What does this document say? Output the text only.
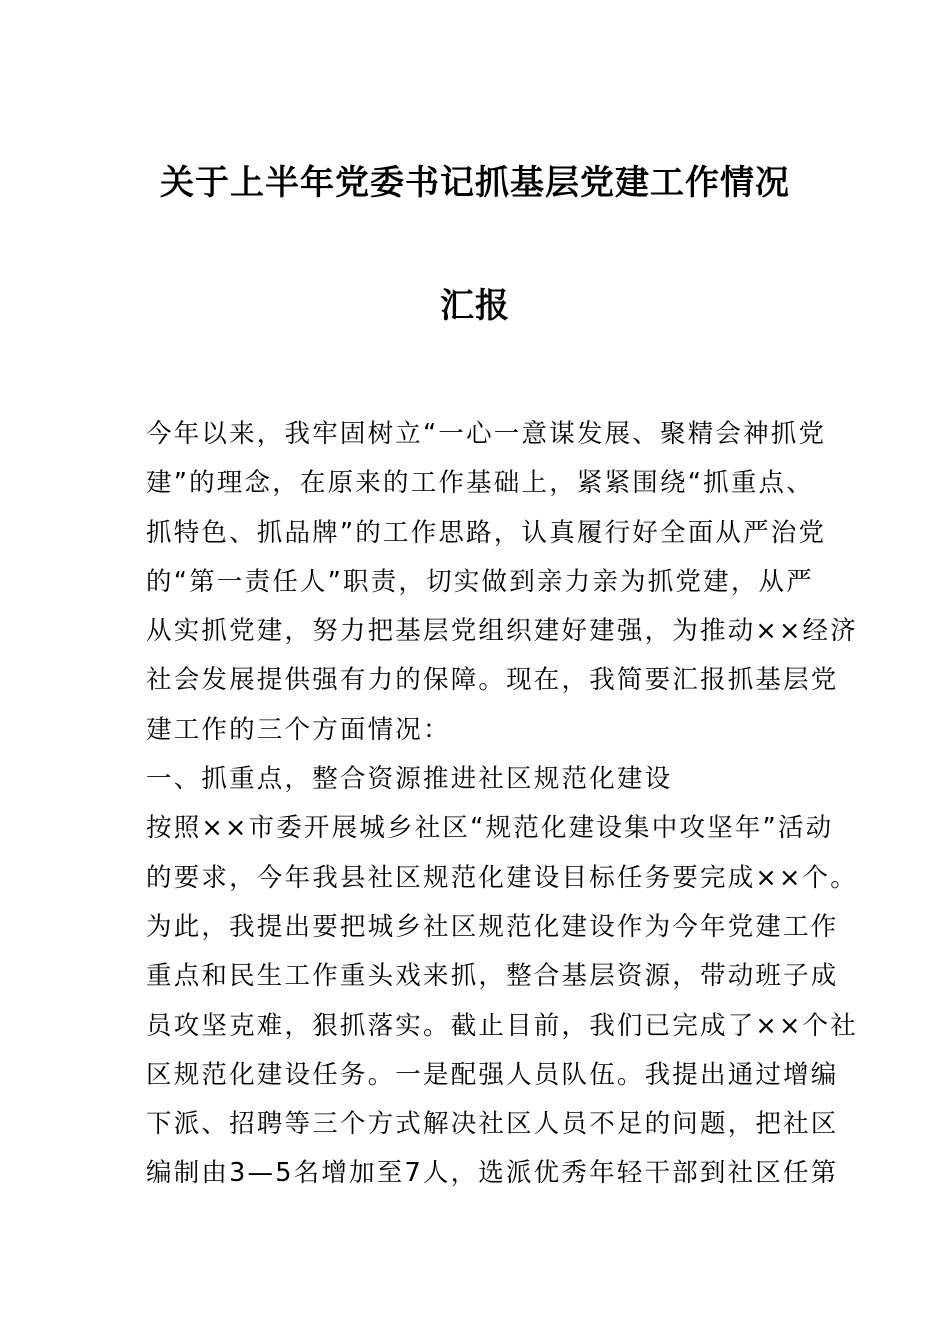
关于上半年党委书记抓基层党建工作情况
汇报
今年以来，我牢固树立“一心一意谋发展、聚精会神抓党
建”的理念，在原来的工作基础上，紧紧围绕“抓重点、
抓特色、抓品牌”的工作思路，认真履行好全面从严治党
的“第一责任人”职责，切实做到亲力亲为抓党建，从严
从实抓党建，努力把基层党组织建好建强，为推动××经济
社会发展提供强有力的保障。现在，我简要汇报抓基层党
建工作的三个方面情况：
一、抓重点，整合资源推进社区规范化建设
按照××市委开展城乡社区“规范化建设集中攻坚年”活动
的要求，今年我县社区规范化建设目标任务要完成××个。
为此，我提出要把城乡社区规范化建设作为今年党建工作
重点和民生工作重头戏来抓，整合基层资源，带动班子成
员攻坚克难，狠抓落实。截止目前，我们已完成了××个社
区规范化建设任务。一是配强人员队伍。我提出通过增编
下派、招聘等三个方式解决社区人员不足的问题，把社区
编制由3—5名增加至7人，选派优秀年轻干部到社区任第
